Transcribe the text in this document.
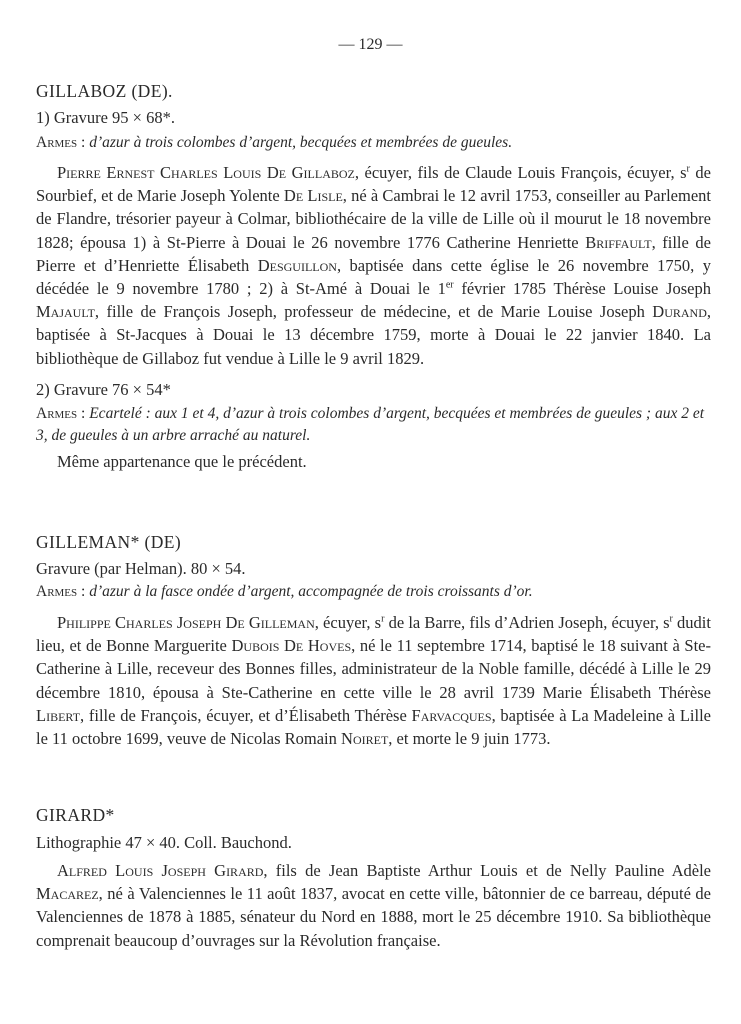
— 129 —

GILLABOZ (DE).

1) Gravure 95 × 68*.

Armes : d’azur à trois colombes d’argent, becquées et membrées de gueules.

Pierre Ernest Charles Louis De Gillaboz, écuyer, fils de Claude Louis François, écuyer, $s^r$ de Sourbief, et de Marie Joseph Yolente De Lisle, né à Cambrai le 12 avril 1753, conseiller au Parlement de Flandre, trésorier payeur à Colmar, bibliothécaire de la ville de Lille où il mourut le 18 novembre 1828; épousa 1) à St-Pierre à Douai le 26 novembre 1776 Catherine Henriette Briffault, fille de Pierre et d’Henriette Élisabeth Desguillon, baptisée dans cette église le 26 novembre 1750, y décédée le 9 novembre 1780 ; 2) à St-Amé à Douai le 1er février 1785 Thérèse Louise Joseph Majault, fille de François Joseph, professeur de médecine, et de Marie Louise Joseph Durand, baptisée à St-Jacques à Douai le 13 décembre 1759, morte à Douai le 22 janvier 1840. La bibliothèque de Gillaboz fut vendue à Lille le 9 avril 1829.

2) Gravure 76 × 54*

Armes : Ecartelé : aux 1 et 4, d’azur à trois colombes d’argent, becquées et membrées de gueules ; aux 2 et 3, de gueules à un arbre arraché au naturel.

Même appartenance que le précédent.

GILLEMAN* (DE)

Gravure (par Helman). 80 × 54.

Armes : d’azur à la fasce ondée d’argent, accompagnée de trois croissants d’or.

Philippe Charles Joseph De Gilleman, écuyer, $s^r$ de la Barre, fils d’Adrien Joseph, écuyer, $s^r$ dudit lieu, et de Bonne Marguerite Dubois De Hoves, né le 11 septembre 1714, baptisé le 18 suivant à Ste-Catherine à Lille, receveur des Bonnes filles, administrateur de la Noble famille, décédé à Lille le 29 décembre 1810, épousa à Ste-Catherine en cette ville le 28 avril 1739 Marie Élisabeth Thérèse Libert, fille de François, écuyer, et d’Élisabeth Thérèse Farvacques, baptisée à La Madeleine à Lille le 11 octobre 1699, veuve de Nicolas Romain Noiret, et morte le 9 juin 1773.

GIRARD*

Lithographie 47 × 40. Coll. Bauchond.

Alfred Louis Joseph Girard, fils de Jean Baptiste Arthur Louis et de Nelly Pauline Adèle Macarez, né à Valenciennes le 11 août 1837, avocat en cette ville, bâtonnier de ce barreau, député de Valenciennes de 1878 à 1885, sénateur du Nord en 1888, mort le 25 décembre 1910. Sa bibliothèque comprenait beaucoup d’ouvrages sur la Révolution française.
